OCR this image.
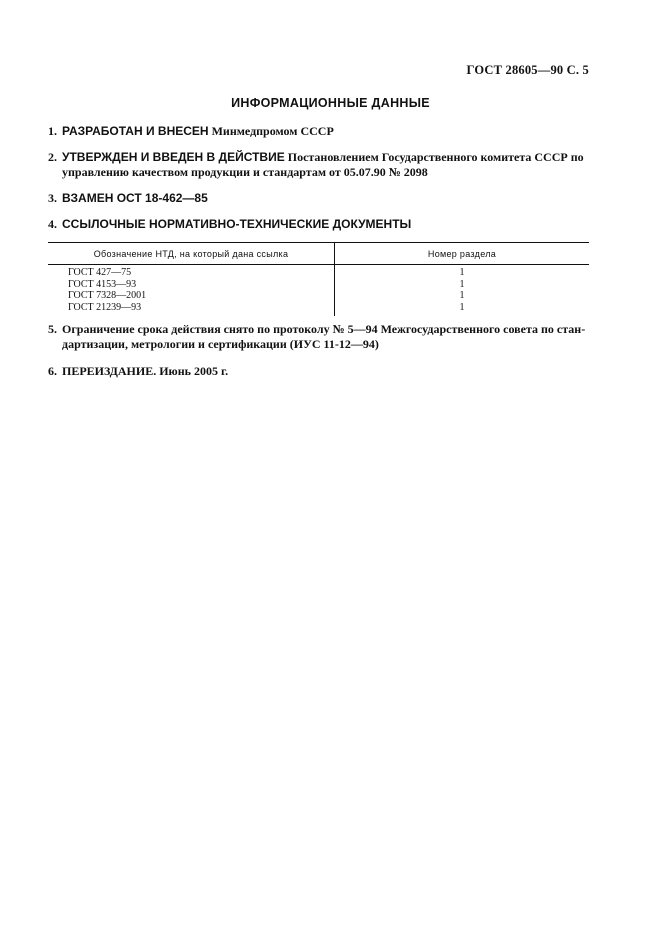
ГОСТ 28605—90 С. 5
ИНФОРМАЦИОННЫЕ ДАННЫЕ
1. РАЗРАБОТАН И ВНЕСЕН Минмедпромом СССР
2. УТВЕРЖДЕН И ВВЕДЕН В ДЕЙСТВИЕ Постановлением Государственного комитета СССР по
управлению качеством продукции и стандартам от 05.07.90 № 2098
3. ВЗАМЕН ОСТ 18-462—85
4. ССЫЛОЧНЫЕ НОРМАТИВНО-ТЕХНИЧЕСКИЕ ДОКУМЕНТЫ
Обозначение НТД, на который дана ссылка	Номер раздела
ГОСТ 427—75	1
ГОСТ 4153—93	1
ГОСТ 7328—2001	1
ГОСТ 21239—93	1
5. Ограничение срока действия снято по протоколу № 5—94 Межгосударственного совета по стан-
дартизации, метрологии и сертификации (ИУС 11-12—94)
6. ПЕРЕИЗДАНИЕ. Июнь 2005 г.
